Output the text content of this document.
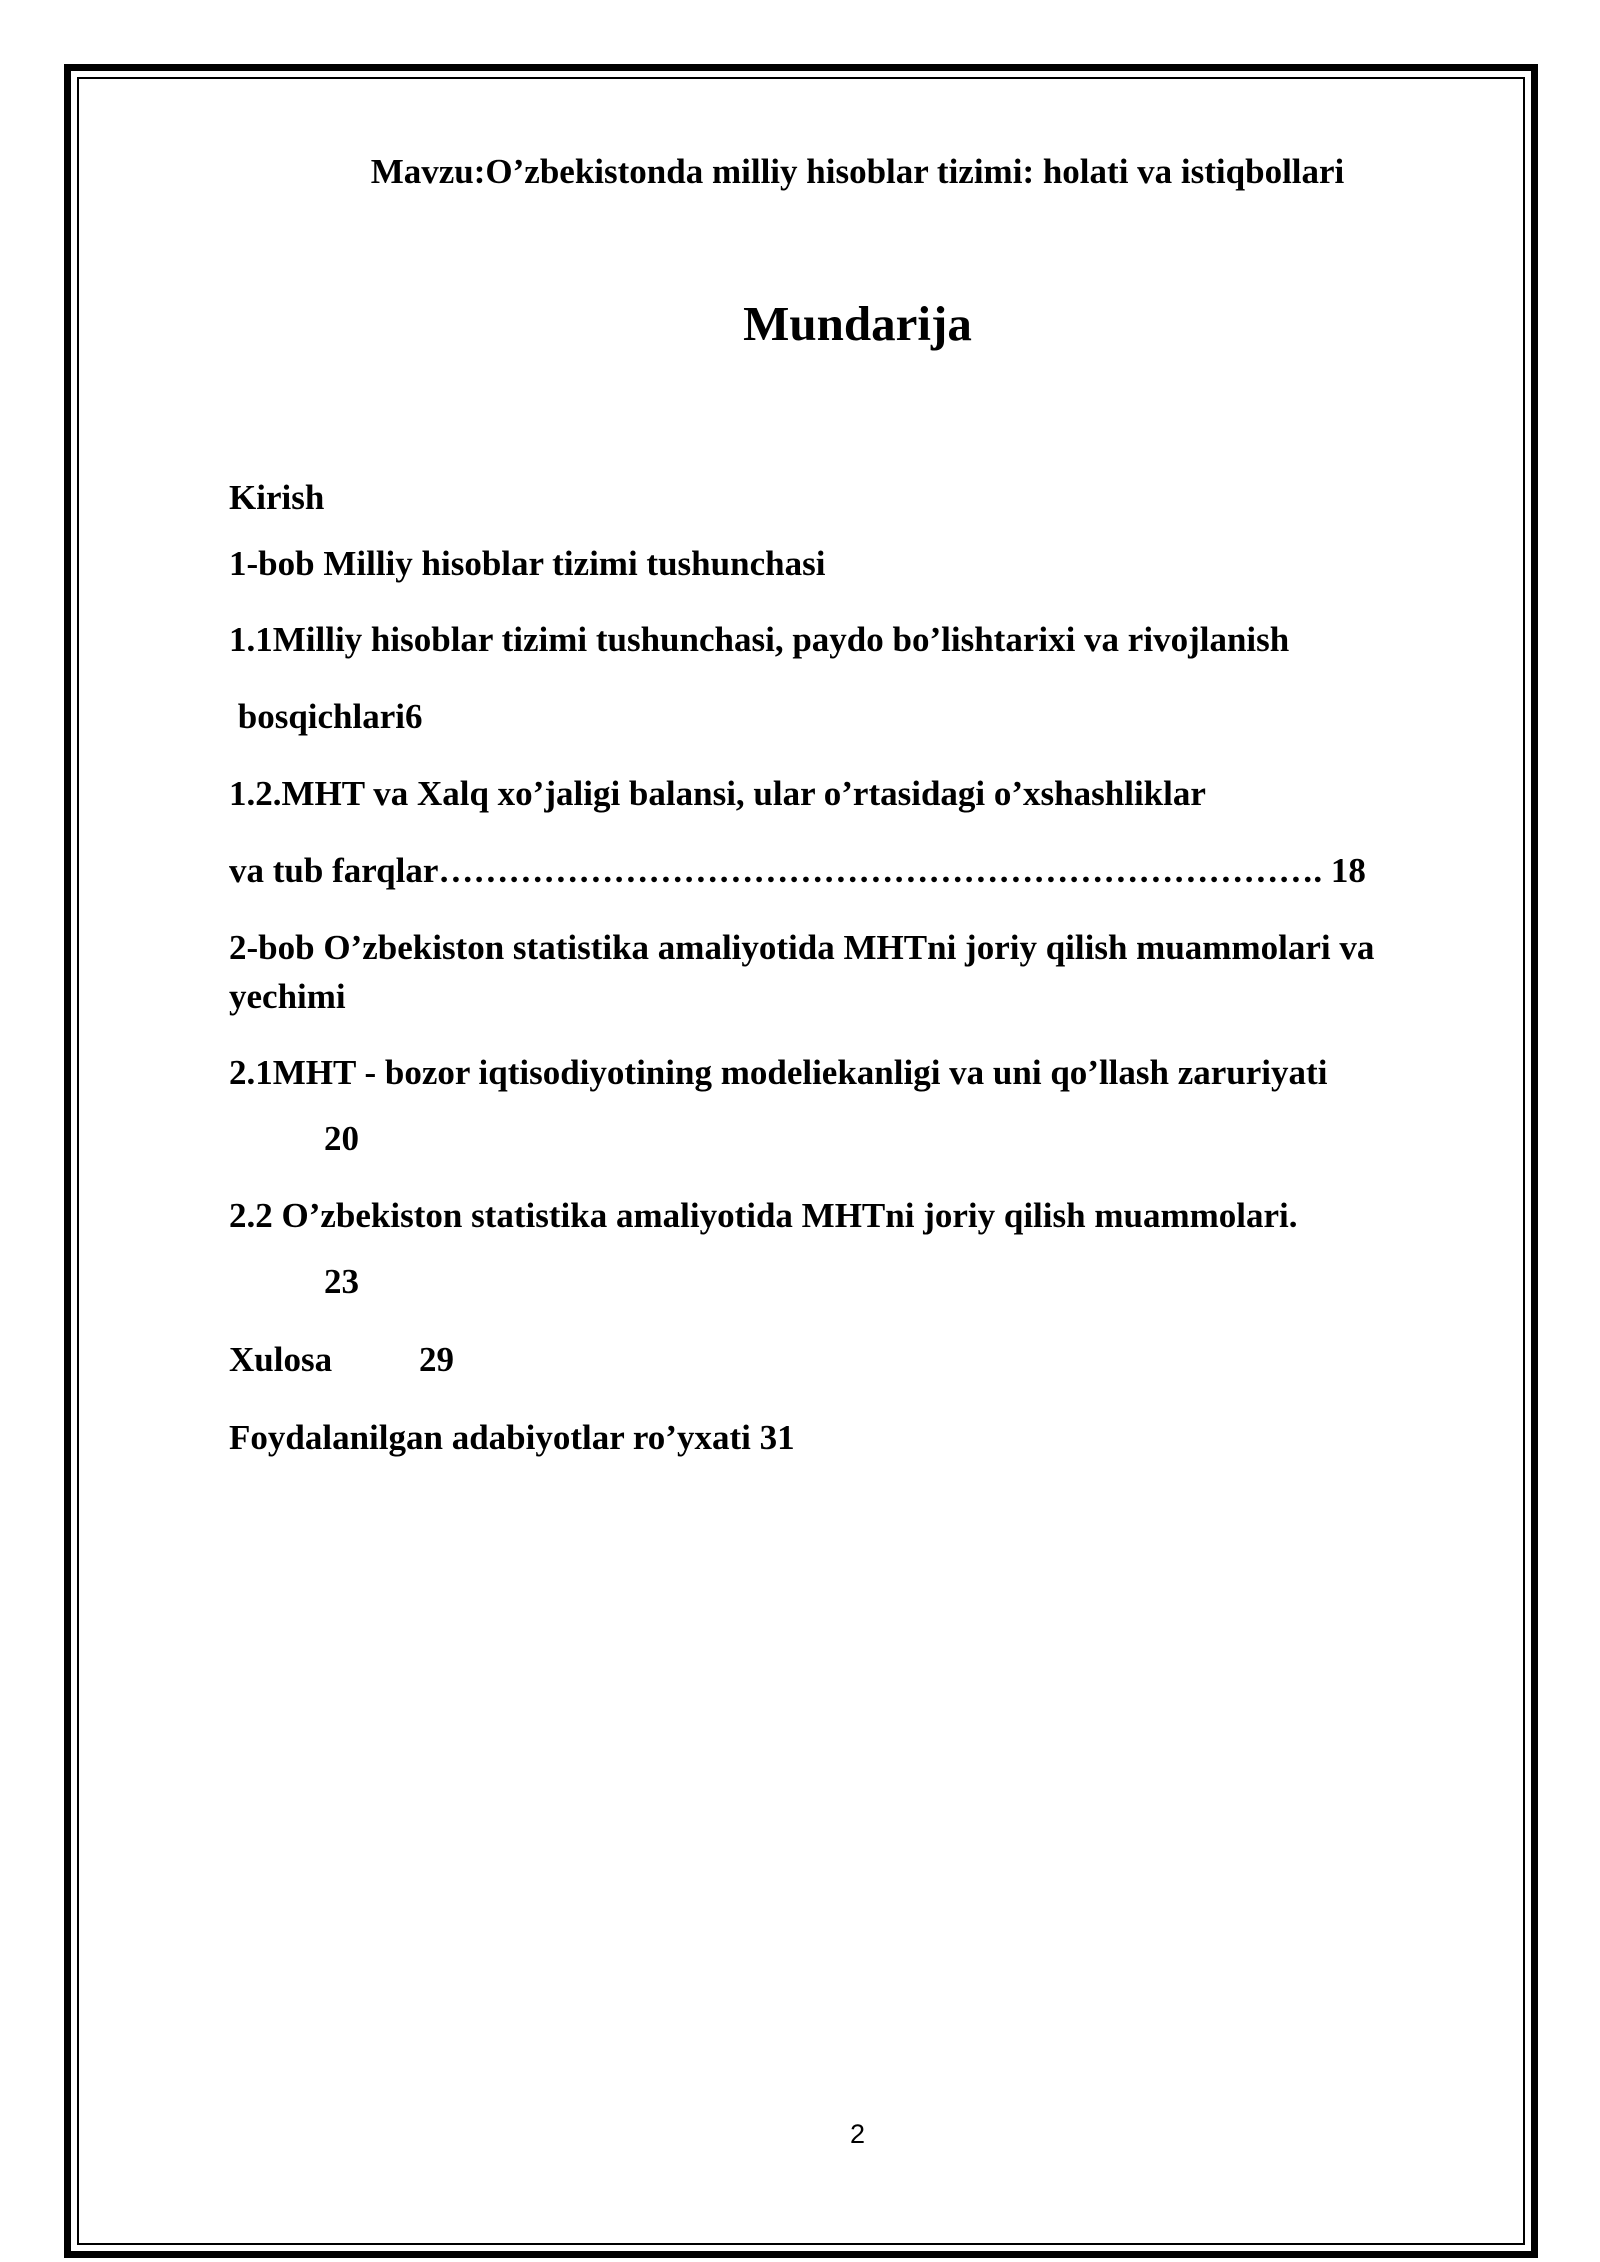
Mavzu:O’zbekistonda milliy hisoblar tizimi: holati va istiqbollari
Mundarija
Kirish
1-bob Milliy hisoblar tizimi tushunchasi
1.1Milliy hisoblar tizimi tushunchasi, paydo bo’lishtarixi va rivojlanish
bosqichlari6
1.2.MHT va Xalq xo’jaligi balansi, ular o’rtasidagi o’xshashliklar
va tub farqlar…………………………………………………………………. 18
2-bob O’zbekiston statistika amaliyotida MHTni joriy qilish muammolari va
yechimi
2.1MHT - bozor iqtisodiyotining modeliekanligi va uni qo’llash zaruriyati
20
2.2 O’zbekiston statistika amaliyotida MHTni joriy qilish muammolari.
23
Xulosa 29
Foydalanilgan adabiyotlar ro’yxati 31
2
